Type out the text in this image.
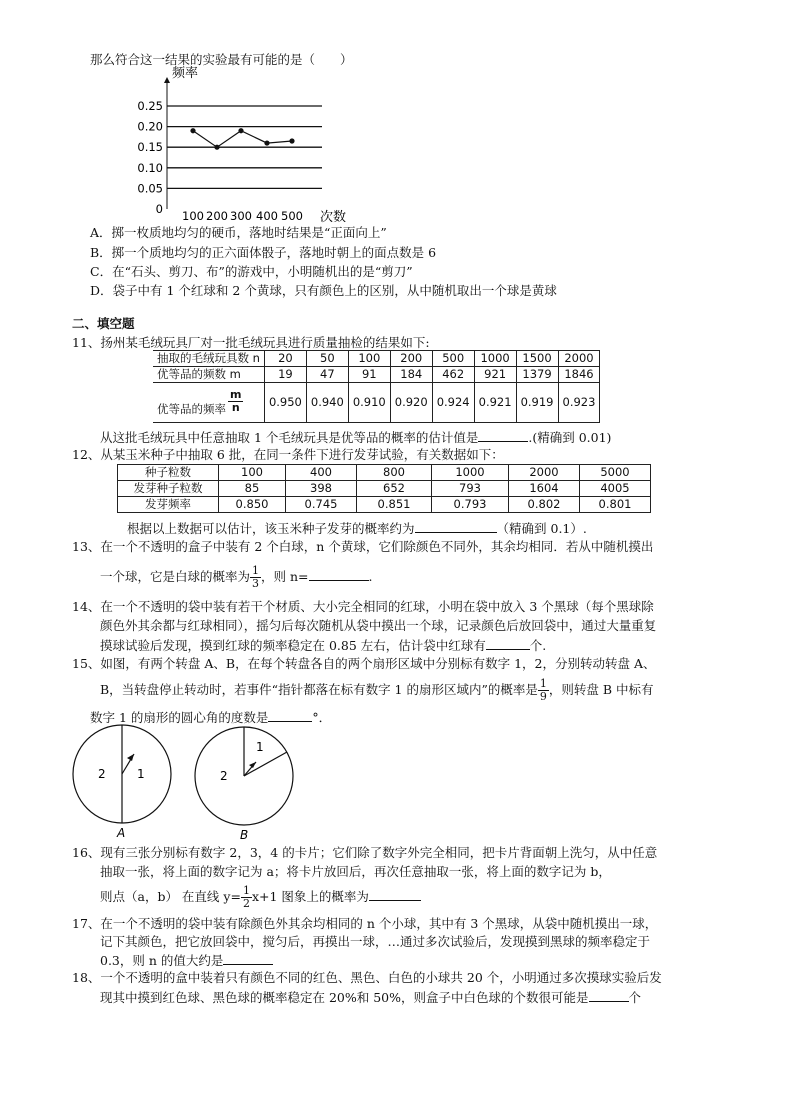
那么符合这一结果的实验最有可能的是（　　）
0.25
0.20
0.15
0.10
0.05
0 100 200 300 400 500
频率
次数
A．掷一枚质地均匀的硬币，落地时结果是“正面向上”
B．掷一个质地均匀的正六面体骰子，落地时朝上的面点数是 6
C．在“石头、剪刀、布”的游戏中，小明随机出的是“剪刀”
D．袋子中有 1 个红球和 2 个黄球，只有颜色上的区别，从中随机取出一个球是黄球
二、填空题
11、扬州某毛绒玩具厂对一批毛绒玩具进行质量抽检的结果如下:
抽取的毛绒玩具数 n	20	50	100	200	500	1000	1500	2000
优等品的频数 m	19	47	91	184	462	921	1379	1846
优等品的频率 $\frac{m}{n}$	0.950	0.940	0.910	0.920	0.924	0.921	0.919	0.923
从这批毛绒玩具中任意抽取 1 个毛绒玩具是优等品的概率的估计值是	.(精确到 0.01)
12、从某玉米种子中抽取 6 批，在同一条件下进行发芽试验，有关数据如下：
种子粒数	100	400	800	1000	2000	5000
发芽种子粒数	85	398	652	793	1604	4005
发芽频率	0.850	0.745	0.851	0.793	0.802	0.801
根据以上数据可以估计，该玉米种子发芽的概率约为	（精确到 0.1）.
13、在一个不透明的盒子中装有 2 个白球，n 个黄球，它们除颜色不同外，其余均相同．若从中随机摸出
一个球，它是白球的概率为 $\frac{1}{3}$ ，则 n=	.
14、在一个不透明的袋中装有若干个材质、大小完全相同的红球，小明在袋中放入 3 个黑球（每个黑球除
颜色外其余都与红球相同），摇匀后每次随机从袋中摸出一个球，记录颜色后放回袋中，通过大量重复
摸球试验后发现，摸到红球的频率稳定在 0.85 左右，估计袋中红球有	个.
15、如图，有两个转盘 A、B，在每个转盘各自的两个扇形区域中分别标有数字 1，2，分别转动转盘 A、
B，当转盘停止转动时，若事件“指针都落在标有数字 1 的扇形区域内”的概率是 $\frac{1}{9}$ ，则转盘 B 中标有
数字 1 的扇形的圆心角的度数是	°．
2	1
A
2
1
B
16、现有三张分别标有数字 2，3，4 的卡片；它们除了数字外完全相同，把卡片背面朝上洗匀，从中任意
抽取一张，将上面的数字记为 a；将卡片放回后，再次任意抽取一张，将上面的数字记为 b，
则点（a，b） 在直线 $y= \frac{1}{2} x+1$ 图象上的概率为
17、在一个不透明的袋中装有除颜色外其余均相同的 n 个小球，其中有 3 个黑球，从袋中随机摸出一球，
记下其颜色，把它放回袋中，搅匀后，再摸出一球，…通过多次试验后，发现摸到黑球的频率稳定于
0.3，则 n 的值大约是
18、一个不透明的盒中装着只有颜色不同的红色、黑色、白色的小球共 20 个，小明通过多次摸球实验后发
现其中摸到红色球、黑色球的概率稳定在 20%和 50%，则盒子中白色球的个数很可能是	个
